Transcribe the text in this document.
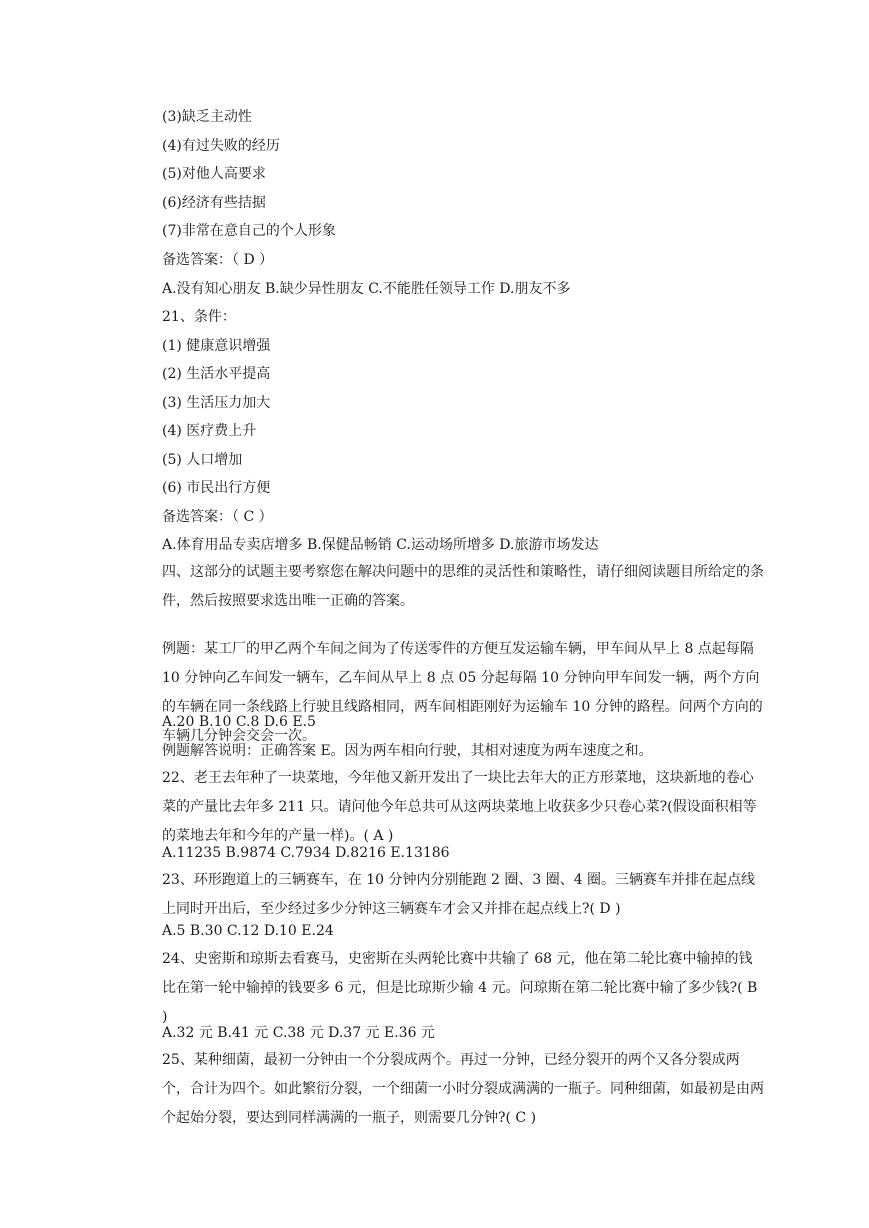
(3)缺乏主动性
(4)有过失败的经历
(5)对他人高要求
(6)经济有些拮据
(7)非常在意自己的个人形象
备选答案：（ D ）
A.没有知心朋友 B.缺少异性朋友 C.不能胜任领导工作 D.朋友不多
21、条件：
(1) 健康意识增强
(2) 生活水平提高
(3) 生活压力加大
(4) 医疗费上升
(5) 人口增加
(6) 市民出行方便
备选答案：（ C ）
A.体育用品专卖店增多 B.保健品畅销 C.运动场所增多 D.旅游市场发达
四、这部分的试题主要考察您在解决问题中的思维的灵活性和策略性，请仔细阅读题目所给定的条件，然后按照要求选出唯一正确的答案。
例题：某工厂的甲乙两个车间之间为了传送零件的方便互发运输车辆，甲车间从早上 8 点起每隔 10 分钟向乙车间发一辆车，乙车间从早上 8 点 05 分起每隔 10 分钟向甲车间发一辆，两个方向的车辆在同一条线路上行驶且线路相同，两车间相距刚好为运输车 10 分钟的路程。问两个方向的车辆几分钟会交会一次。
A.20 B.10 C.8 D.6 E.5
例题解答说明：正确答案 E。因为两车相向行驶，其相对速度为两车速度之和。
22、老王去年种了一块菜地，今年他又新开发出了一块比去年大的正方形菜地，这块新地的卷心菜的产量比去年多 211 只。请问他今年总共可从这两块菜地上收获多少只卷心菜?(假设面积相等的菜地去年和今年的产量一样)。( A )
A.11235 B.9874 C.7934 D.8216 E.13186
23、环形跑道上的三辆赛车，在 10 分钟内分别能跑 2 圈、3 圈、4 圈。三辆赛车并排在起点线上同时开出后，至少经过多少分钟这三辆赛车才会又并排在起点线上?( D )
A.5 B.30 C.12 D.10 E.24
24、史密斯和琼斯去看赛马，史密斯在头两轮比赛中共输了 68 元，他在第二轮比赛中输掉的钱比在第一轮中输掉的钱要多 6 元，但是比琼斯少输 4 元。问琼斯在第二轮比赛中输了多少钱?( B )
A.32 元 B.41 元 C.38 元 D.37 元 E.36 元
25、某种细菌，最初一分钟由一个分裂成两个。再过一分钟，已经分裂开的两个又各分裂成两个，合计为四个。如此繁衍分裂，一个细菌一小时分裂成满满的一瓶子。同种细菌，如最初是由两个起始分裂，要达到同样满满的一瓶子，则需要几分钟?( C )
